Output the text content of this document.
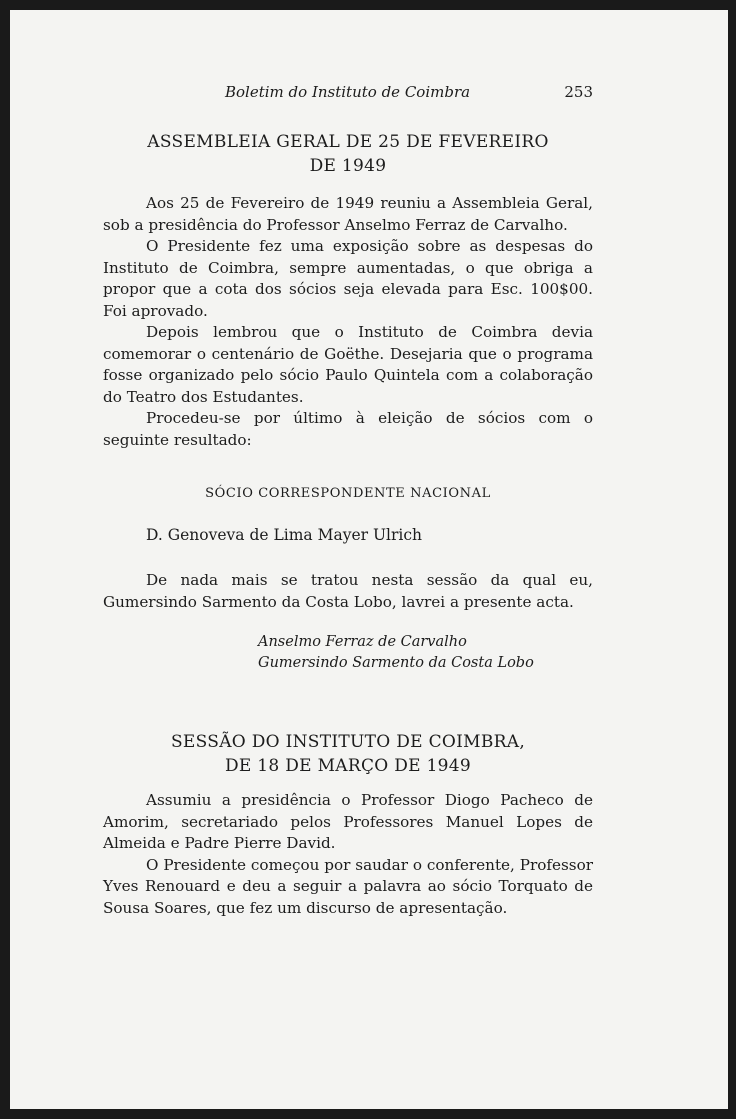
Boletim do Instituto de Coimbra	253
ASSEMBLEIA GERAL DE 25 DE FEVEREIRO
DE 1949

Aos 25 de Fevereiro de 1949 reuniu a Assembleia Geral, sob a presidência do Professor Anselmo Ferraz de Carvalho.

O Presidente fez uma exposição sobre as despesas do Instituto de Coimbra, sempre aumentadas, o que obriga a propor que a cota dos sócios seja elevada para Esc. 100$00. Foi aprovado.

Depois lembrou que o Instituto de Coimbra devia comemorar o centenário de Goëthe. Desejaria que o programa fosse organizado pelo sócio Paulo Quintela com a colaboração do Teatro dos Estudantes.

Procedeu-se por último à eleição de sócios com o seguinte resultado:

SÓCIO CORRESPONDENTE NACIONAL
D. Genoveva de Lima Mayer Ulrich

De nada mais se tratou nesta sessão da qual eu, Gumersindo Sarmento da Costa Lobo, lavrei a presente acta.

Anselmo Ferraz de Carvalho
Gumersindo Sarmento da Costa Lobo
SESSÃO DO INSTITUTO DE COIMBRA,
DE 18 DE MARÇO DE 1949

Assumiu a presidência o Professor Diogo Pacheco de Amorim, secretariado pelos Professores Manuel Lopes de Almeida e Padre Pierre David.

O Presidente começou por saudar o conferente, Professor Yves Renouard e deu a seguir a palavra ao sócio Torquato de Sousa Soares, que fez um discurso de apresentação.
